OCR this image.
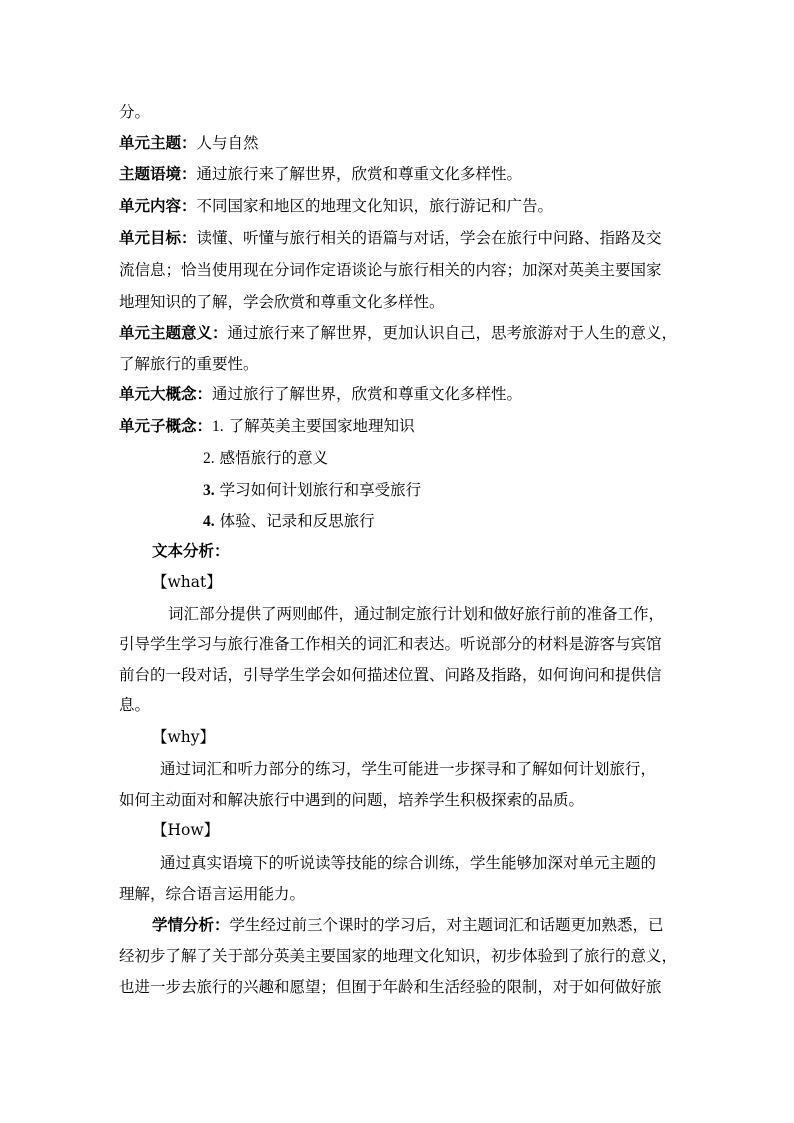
分。
单元主题：人与自然
主题语境：通过旅行来了解世界，欣赏和尊重文化多样性。
单元内容：不同国家和地区的地理文化知识，旅行游记和广告。
单元目标：读懂、听懂与旅行相关的语篇与对话，学会在旅行中问路、指路及交
流信息；恰当使用现在分词作定语谈论与旅行相关的内容；加深对英美主要国家
地理知识的了解，学会欣赏和尊重文化多样性。
单元主题意义：通过旅行来了解世界，更加认识自己，思考旅游对于人生的意义，
了解旅行的重要性。
单元大概念：通过旅行了解世界，欣赏和尊重文化多样性。
单元子概念：1. 了解英美主要国家地理知识
2. 感悟旅行的意义
3. 学习如何计划旅行和享受旅行
4. 体验、记录和反思旅行
文本分析：
【what】
词汇部分提供了两则邮件，通过制定旅行计划和做好旅行前的准备工作，
引导学生学习与旅行准备工作相关的词汇和表达。听说部分的材料是游客与宾馆
前台的一段对话，引导学生学会如何描述位置、问路及指路，如何询问和提供信
息。
【why】
通过词汇和听力部分的练习，学生可能进一步探寻和了解如何计划旅行，
如何主动面对和解决旅行中遇到的问题，培养学生积极探索的品质。
【How】
通过真实语境下的听说读等技能的综合训练，学生能够加深对单元主题的
理解，综合语言运用能力。
学情分析：学生经过前三个课时的学习后，对主题词汇和话题更加熟悉，已
经初步了解了关于部分英美主要国家的地理文化知识，初步体验到了旅行的意义，
也进一步去旅行的兴趣和愿望；但囿于年龄和生活经验的限制，对于如何做好旅
